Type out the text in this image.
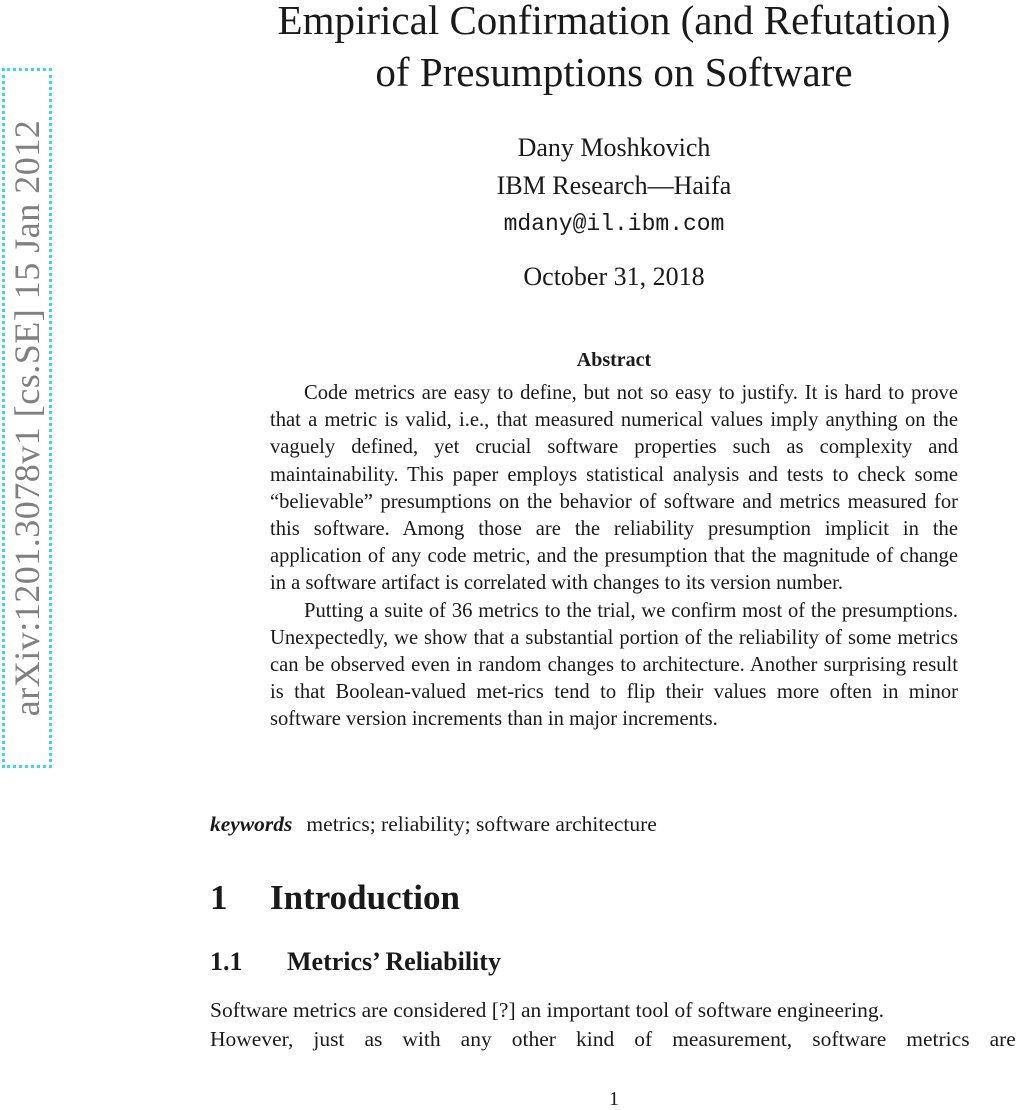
arXiv:1201.3078v1 [cs.SE] 15 Jan 2012
Empirical Confirmation (and Refutation)
of Presumptions on Software
Dany Moshkovich
IBM Research—Haifa
mdany@il.ibm.com
October 31, 2018
Abstract

Code metrics are easy to define, but not so easy to justify. It is hard to prove that a metric is valid, i.e., that measured numerical values imply anything on the vaguely defined, yet crucial software properties such as complexity and maintainability. This paper employs statistical analysis and tests to check some “believable” presumptions on the behavior of software and metrics measured for this software. Among those are the reliability presumption implicit in the application of any code metric, and the presumption that the magnitude of change in a software artifact is correlated with changes to its version number.

Putting a suite of 36 metrics to the trial, we confirm most of the presumptions. Unexpectedly, we show that a substantial portion of the reliability of some metrics can be observed even in random changes to architecture. Another surprising result is that Boolean-valued met-rics tend to flip their values more often in minor software version increments than in major increments.

keywords metrics; reliability; software architecture
1 Introduction
1.1 Metrics’ Reliability
Software metrics are considered [?] an important tool of software engineering.
However, just as with any other kind of measurement, software metrics are
1
